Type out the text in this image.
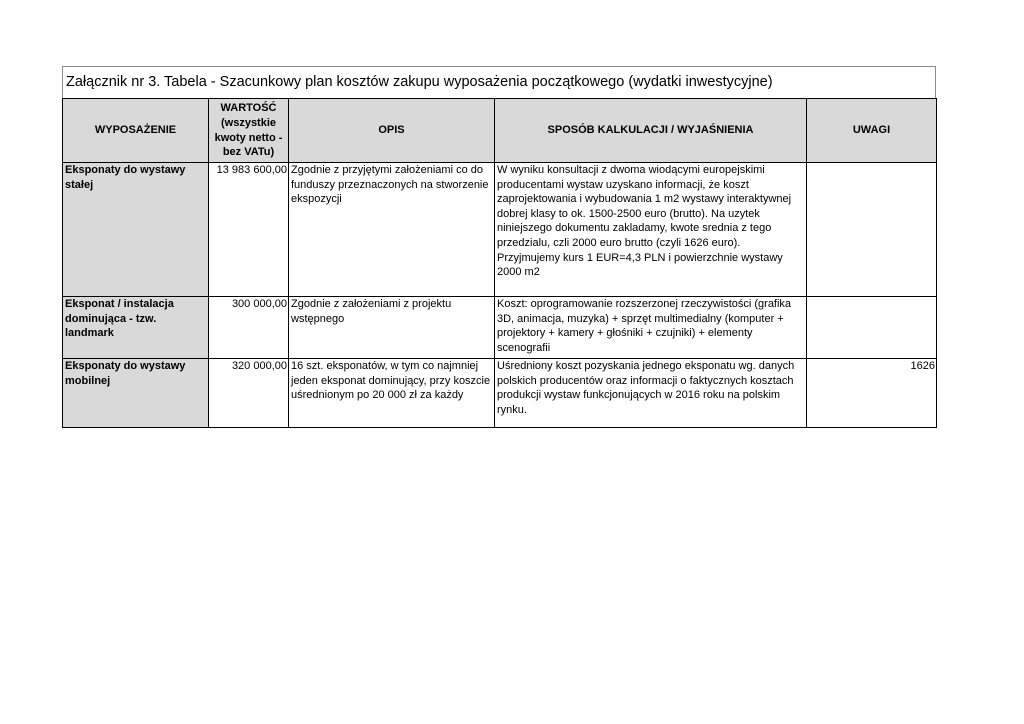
Załącznik nr 3. Tabela - Szacunkowy plan kosztów zakupu wyposażenia początkowego (wydatki inwestycyjne)
WYPOSAŻENIE	WARTOŚĆ (wszystkie kwoty netto - bez VATu)	OPIS	SPOSÓB KALKULACJI / WYJAŚNIENIA	UWAGI
Eksponaty do wystawy stałej	13 983 600,00	Zgodnie z przyjętymi założeniami co do funduszy przeznaczonych na stworzenie ekspozycji	W wyniku konsultacji z dwoma wiodącymi europejskimi producentami wystaw uzyskano informacji, że koszt zaprojektowania i wybudowania 1 m2 wystawy interaktywnej dobrej klasy to ok. 1500-2500 euro (brutto). Na uzytek niniejszego dokumentu zakladamy, kwote srednia z tego przedzialu, czli 2000 euro brutto (czyli 1626 euro). Przyjmujemy kurs 1 EUR=4,3 PLN i powierzchnie wystawy 2000 m2	
Eksponat / instalacja dominująca - tzw. landmark	300 000,00	Zgodnie z założeniami z projektu wstępnego	Koszt: oprogramowanie rozszerzonej rzeczywistości (grafika 3D, animacja, muzyka) + sprzęt multimedialny (komputer + projektory + kamery + głośniki + czujniki) + elementy scenografii	
Eksponaty do wystawy mobilnej	320 000,00	16 szt. eksponatów, w tym co najmniej jeden eksponat dominujący, przy koszcie uśrednionym po 20 000 zł za każdy	Uśredniony koszt pozyskania jednego eksponatu wg. danych polskich producentów oraz informacji o faktycznych kosztach produkcji wystaw funkcjonujących w 2016 roku na polskim rynku.	1626
